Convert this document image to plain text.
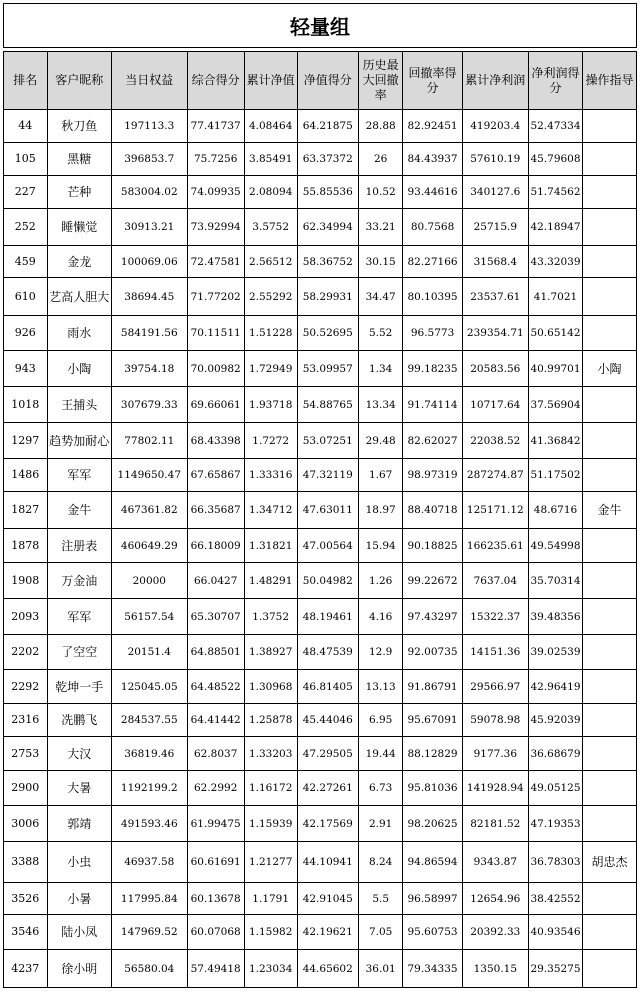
轻量组
排名	客户昵称	当日权益	综合得分	累计净值	净值得分	历史最大回撤率	回撤率得分	累计净利润	净利润得分	操作指导
44	秋刀鱼	197113.3	77.41737	4.08464	64.21875	28.88	82.92451	419203.4	52.47334	
105	黑糖	396853.7	75.7256	3.85491	63.37372	26	84.43937	57610.19	45.79608	
227	芒种	583004.02	74.09935	2.08094	55.85536	10.52	93.44616	340127.6	51.74562	
252	睡懒觉	30913.21	73.92994	3.5752	62.34994	33.21	80.7568	25715.9	42.18947	
459	金龙	100069.06	72.47581	2.56512	58.36752	30.15	82.27166	31568.4	43.32039	
610	艺高人胆大	38694.45	71.77202	2.55292	58.29931	34.47	80.10395	23537.61	41.7021	
926	雨水	584191.56	70.11511	1.51228	50.52695	5.52	96.5773	239354.71	50.65142	
943	小陶	39754.18	70.00982	1.72949	53.09957	1.34	99.18235	20583.56	40.99701	小陶
1018	王捕头	307679.33	69.66061	1.93718	54.88765	13.34	91.74114	10717.64	37.56904	
1297	趋势加耐心	77802.11	68.43398	1.7272	53.07251	29.48	82.62027	22038.52	41.36842	
1486	军军	1149650.47	67.65867	1.33316	47.32119	1.67	98.97319	287274.87	51.17502	
1827	金牛	467361.82	66.35687	1.34712	47.63011	18.97	88.40718	125171.12	48.6716	金牛
1878	注册表	460649.29	66.18009	1.31821	47.00564	15.94	90.18825	166235.61	49.54998	
1908	万金油	20000	66.0427	1.48291	50.04982	1.26	99.22672	7637.04	35.70314	
2093	军军	56157.54	65.30707	1.3752	48.19461	4.16	97.43297	15322.37	39.48356	
2202	了空空	20151.4	64.88501	1.38927	48.47539	12.9	92.00735	14151.36	39.02539	
2292	乾坤一手	125045.05	64.48522	1.30968	46.81405	13.13	91.86791	29566.97	42.96419	
2316	冼鹏飞	284537.55	64.41442	1.25878	45.44046	6.95	95.67091	59078.98	45.92039	
2753	大汉	36819.46	62.8037	1.33203	47.29505	19.44	88.12829	9177.36	36.68679	
2900	大暑	1192199.2	62.2992	1.16172	42.27261	6.73	95.81036	141928.94	49.05125	
3006	郭靖	491593.46	61.99475	1.15939	42.17569	2.91	98.20625	82181.52	47.19353	
3388	小虫	46937.58	60.61691	1.21277	44.10941	8.24	94.86594	9343.87	36.78303	胡忠杰
3526	小暑	117995.84	60.13678	1.1791	42.91045	5.5	96.58997	12654.96	38.42552	
3546	陆小凤	147969.52	60.07068	1.15982	42.19621	7.05	95.60753	20392.33	40.93546	
4237	徐小明	56580.04	57.49418	1.23034	44.65602	36.01	79.34335	1350.15	29.35275	
